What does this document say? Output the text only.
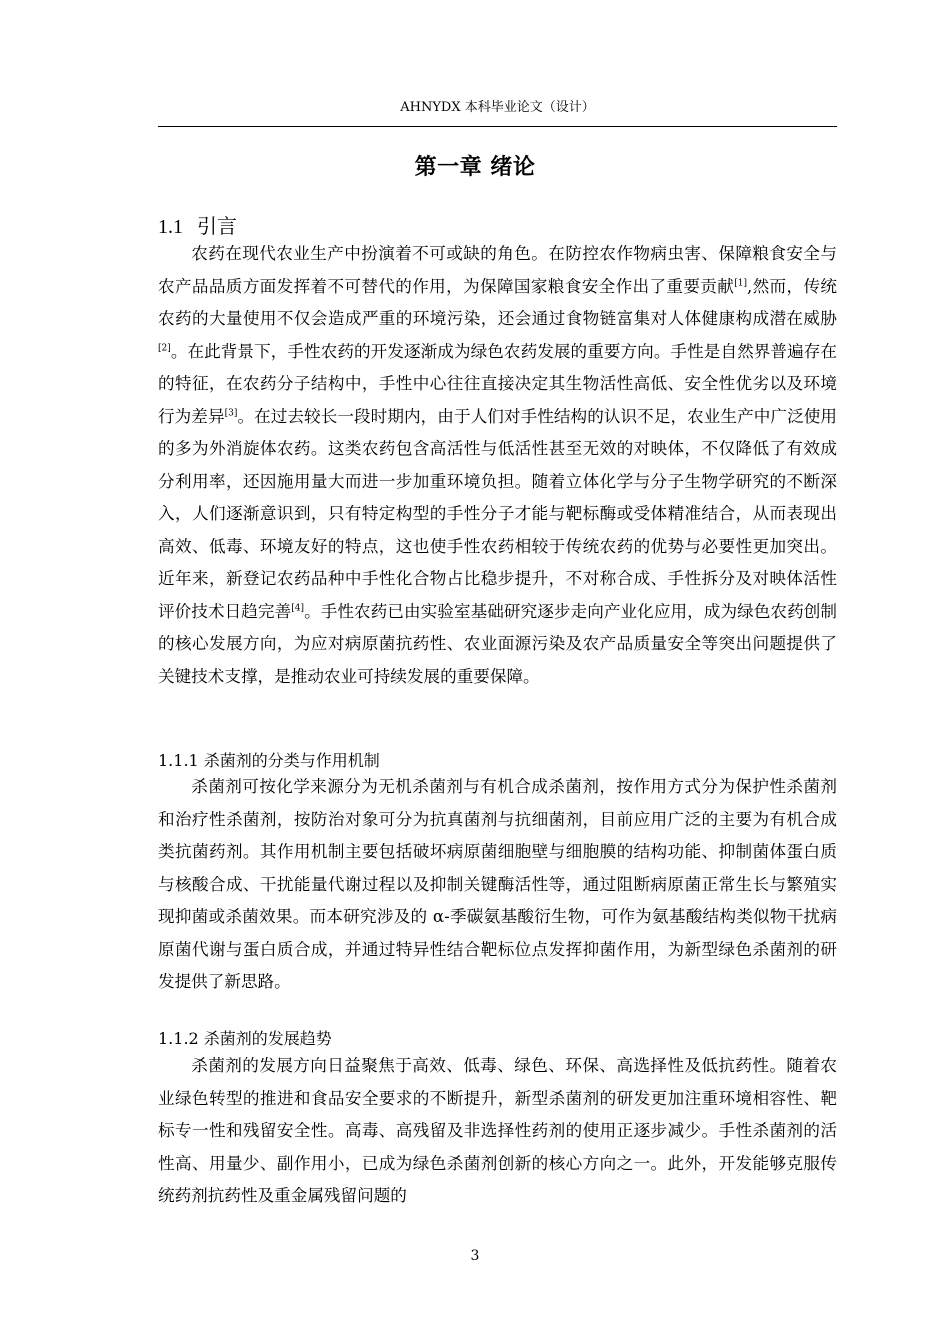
AHNYDX 本科毕业论文（设计）
第一章 绪论
1.1 引言
农药在现代农业生产中扮演着不可或缺的角色。在防控农作物病虫害、保障粮食安全与农产品品质方面发挥着不可替代的作用，为保障国家粮食安全作出了重要贡献[1],然而，传统农药的大量使用不仅会造成严重的环境污染，还会通过食物链富集对人体健康构成潜在威胁[2]。在此背景下，手性农药的开发逐渐成为绿色农药发展的重要方向。手性是自然界普遍存在的特征，在农药分子结构中，手性中心往往直接决定其生物活性高低、安全性优劣以及环境行为差异[3]。在过去较长一段时期内，由于人们对手性结构的认识不足，农业生产中广泛使用的多为外消旋体农药。这类农药包含高活性与低活性甚至无效的对映体，不仅降低了有效成分利用率，还因施用量大而进一步加重环境负担。随着立体化学与分子生物学研究的不断深入，人们逐渐意识到，只有特定构型的手性分子才能与靶标酶或受体精准结合，从而表现出高效、低毒、环境友好的特点，这也使手性农药相较于传统农药的优势与必要性更加突出。近年来，新登记农药品种中手性化合物占比稳步提升，不对称合成、手性拆分及对映体活性评价技术日趋完善[4]。手性农药已由实验室基础研究逐步走向产业化应用，成为绿色农药创制的核心发展方向，为应对病原菌抗药性、农业面源污染及农产品质量安全等突出问题提供了关键技术支撑，是推动农业可持续发展的重要保障。
1.1.1 杀菌剂的分类与作用机制
杀菌剂可按化学来源分为无机杀菌剂与有机合成杀菌剂，按作用方式分为保护性杀菌剂和治疗性杀菌剂，按防治对象可分为抗真菌剂与抗细菌剂，目前应用广泛的主要为有机合成类抗菌药剂。其作用机制主要包括破坏病原菌细胞壁与细胞膜的结构功能、抑制菌体蛋白质与核酸合成、干扰能量代谢过程以及抑制关键酶活性等，通过阻断病原菌正常生长与繁殖实现抑菌或杀菌效果。而本研究涉及的 α-季碳氨基酸衍生物，可作为氨基酸结构类似物干扰病原菌代谢与蛋白质合成，并通过特异性结合靶标位点发挥抑菌作用，为新型绿色杀菌剂的研发提供了新思路。
1.1.2 杀菌剂的发展趋势
杀菌剂的发展方向日益聚焦于高效、低毒、绿色、环保、高选择性及低抗药性。随着农业绿色转型的推进和食品安全要求的不断提升，新型杀菌剂的研发更加注重环境相容性、靶标专一性和残留安全性。高毒、高残留及非选择性药剂的使用正逐步减少。手性杀菌剂的活性高、用量少、副作用小，已成为绿色杀菌剂创新的核心方向之一。此外，开发能够克服传统药剂抗药性及重金属残留问题的
3
